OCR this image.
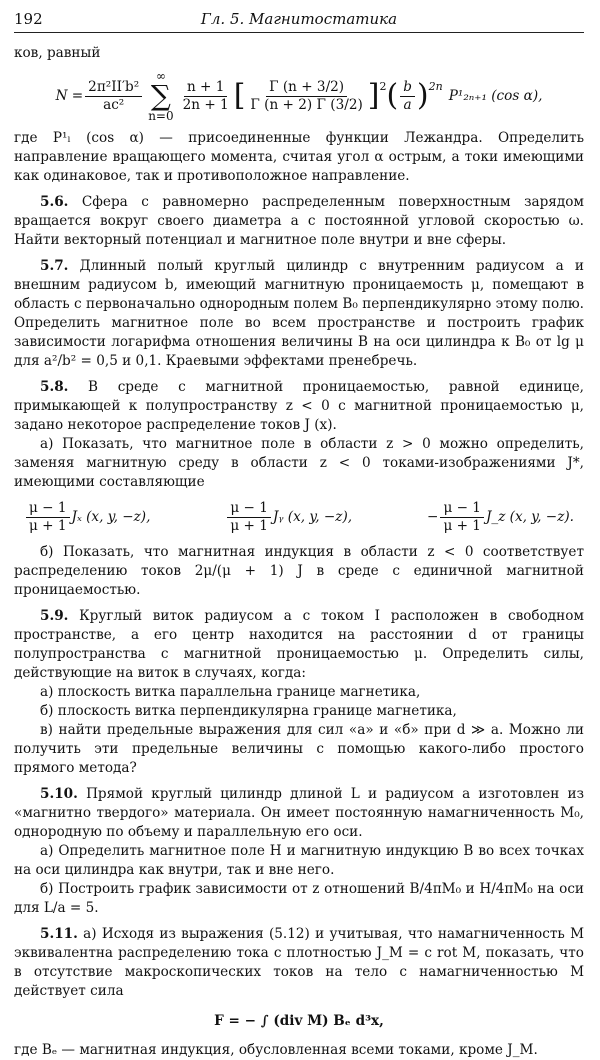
192	Гл. 5. Магнитостатика

ков, равный

$N = \frac{\text{2π²II′b²}}{\text{ac²}}$
∞
∑
n=0
$\frac{n + 1}{2n + 1}$ [ $\frac{\Gamma (n + 3/2)}{\Gamma (n + 2) \Gamma (3/2)} ]^2$ ( $\frac{b}{a} )^{2n}$
P¹₂ₙ₊₁ (cos α),

где P¹ₗ (cos α) — присоединенные функции Лежандра. Определить направление вращающего момента, считая угол α острым, а токи имеющими как одинаковое, так и противоположное направление.

5.6. Сфера с равномерно распределенным поверхностным зарядом вращается вокруг своего диаметра a с постоянной угловой скоростью ω. Найти векторный потенциал и магнитное поле внутри и вне сферы.

5.7. Длинный полый круглый цилиндр с внутренним радиусом a и внешним радиусом b, имеющий магнитную проницаемость μ, помещают в область с первоначально однородным полем B₀ перпендикулярно этому полю. Определить магнитное поле во всем пространстве и построить график зависимости логарифма отношения величины B на оси цилиндра к B₀ от lg μ для a²/b² = 0,5 и 0,1. Краевыми эффектами пренебречь.

5.8. В среде с магнитной проницаемостью, равной единице, примыкающей к полупространству z < 0 с магнитной проницаемостью μ, задано некоторое распределение токов J (x).

а) Показать, что магнитное поле в области z > 0 можно определить, заменяя магнитную среду в области z < 0 токами-изображениями J*, имеющими составляющие

$\frac{\mu - 1}{\mu + 1}$ Jₓ (x, y, −z),	$\frac{\mu - 1}{\mu + 1}$ Jᵧ (x, y, −z),	− $\frac{\mu - 1}{\mu + 1}$ J_z (x, y, −z).

б) Показать, что магнитная индукция в области z < 0 соответствует распределению токов 2μ/(μ + 1) J в среде с единичной магнитной проницаемостью.

5.9. Круглый виток радиусом a с током I расположен в свободном пространстве, а его центр находится на расстоянии d от границы полупространства с магнитной проницаемостью μ. Определить силы, действующие на виток в случаях, когда:

а) плоскость витка параллельна границе магнетика,

б) плоскость витка перпендикулярна границе магнетика,

в) найти предельные выражения для сил «а» и «б» при d ≫ a. Можно ли получить эти предельные величины с помощью какого-либо простого прямого метода?

5.10. Прямой круглый цилиндр длиной L и радиусом a изготовлен из «магнитно твердого» материала. Он имеет постоянную намагниченность M₀, однородную по объему и параллельную его оси.

а) Определить магнитное поле H и магнитную индукцию B во всех точках на оси цилиндра как внутри, так и вне него.

б) Построить график зависимости от z отношений B/4πM₀ и H/4πM₀ на оси для L/a = 5.

5.11. а) Исходя из выражения (5.12) и учитывая, что намагниченность M эквивалентна распределению тока с плотностью J_M = c rot M, показать, что в отсутствие макроскопических токов на тело с намагниченностью M действует сила

F = − ∫ (div M) Bₑ d³x,

где Bₑ — магнитная индукция, обусловленная всеми токами, кроме J_M.
